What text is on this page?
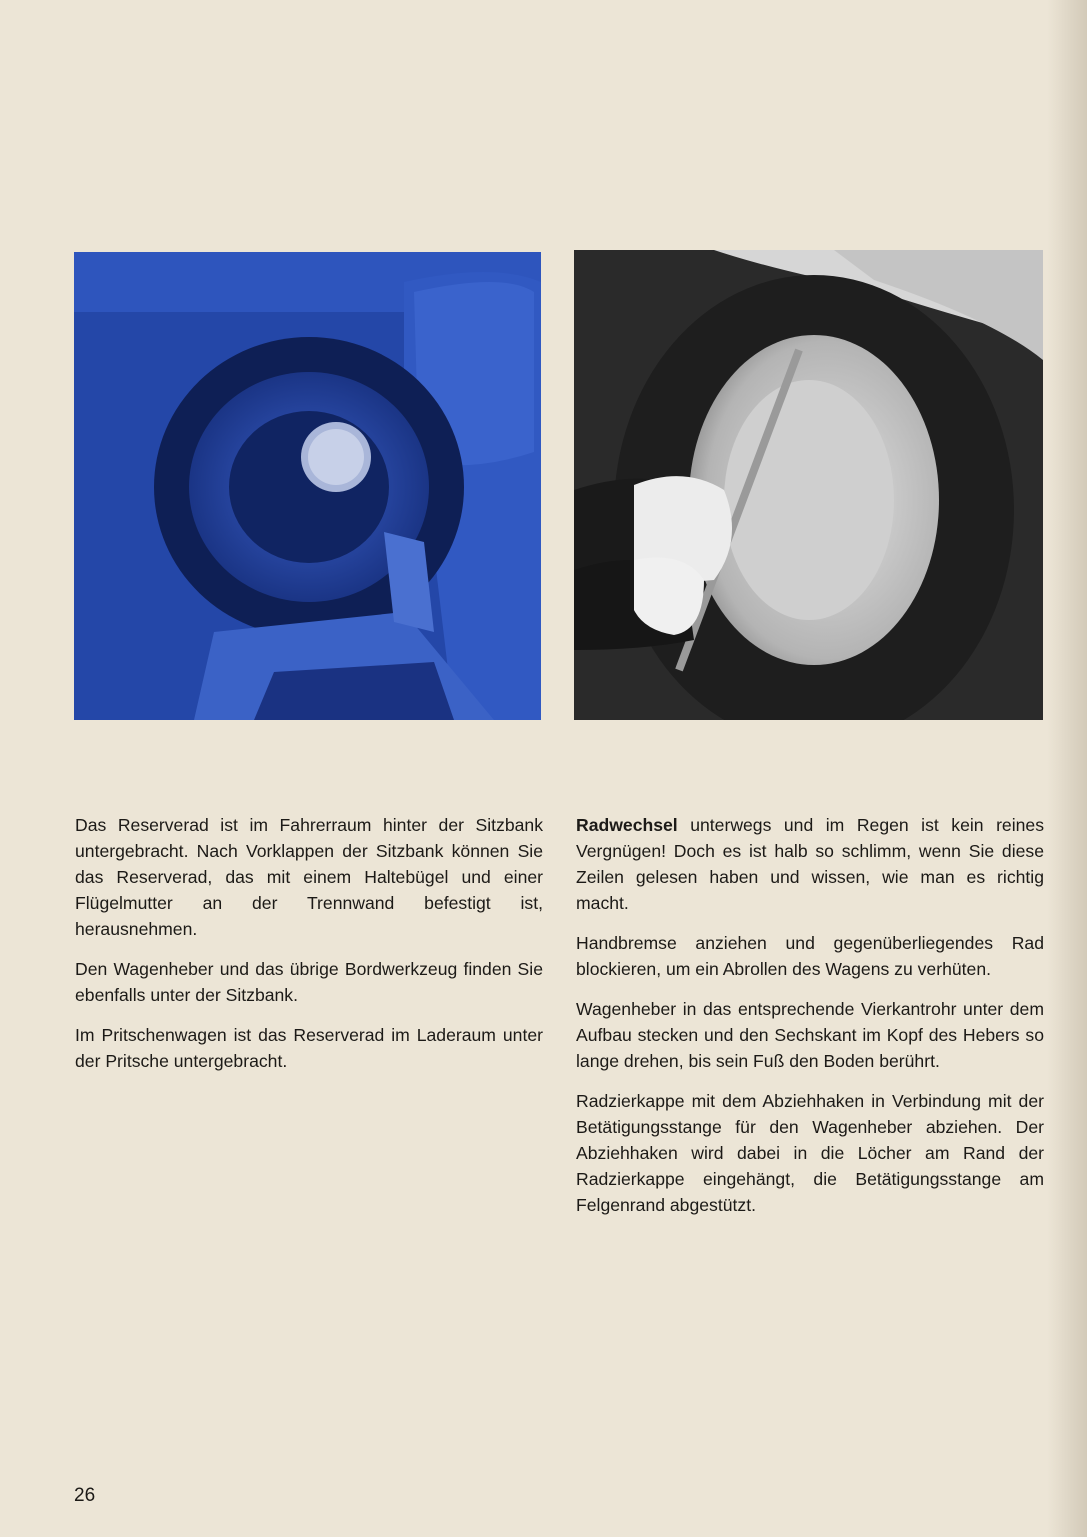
Das Reserverad ist im Fahrerraum hinter der Sitzbank untergebracht. Nach Vorklappen der Sitzbank können Sie das Reserverad, das mit einem Haltebügel und einer Flügelmutter an der Trennwand befestigt ist, herausnehmen.

Den Wagenheber und das übrige Bordwerkzeug finden Sie ebenfalls unter der Sitzbank.

Im Pritschenwagen ist das Reserverad im Laderaum unter der Pritsche untergebracht.

Radwechsel unterwegs und im Regen ist kein reines Vergnügen! Doch es ist halb so schlimm, wenn Sie diese Zeilen gelesen haben und wissen, wie man es richtig macht.

Handbremse anziehen und gegenüberliegendes Rad blockieren, um ein Abrollen des Wagens zu verhüten.

Wagenheber in das entsprechende Vierkantrohr unter dem Aufbau stecken und den Sechskant im Kopf des Hebers so lange drehen, bis sein Fuß den Boden berührt.

Radzierkappe mit dem Abziehhaken in Verbindung mit der Betätigungsstange für den Wagenheber abziehen. Der Abziehhaken wird dabei in die Löcher am Rand der Radzierkappe eingehängt, die Betätigungsstange am Felgenrand abgestützt.

26
